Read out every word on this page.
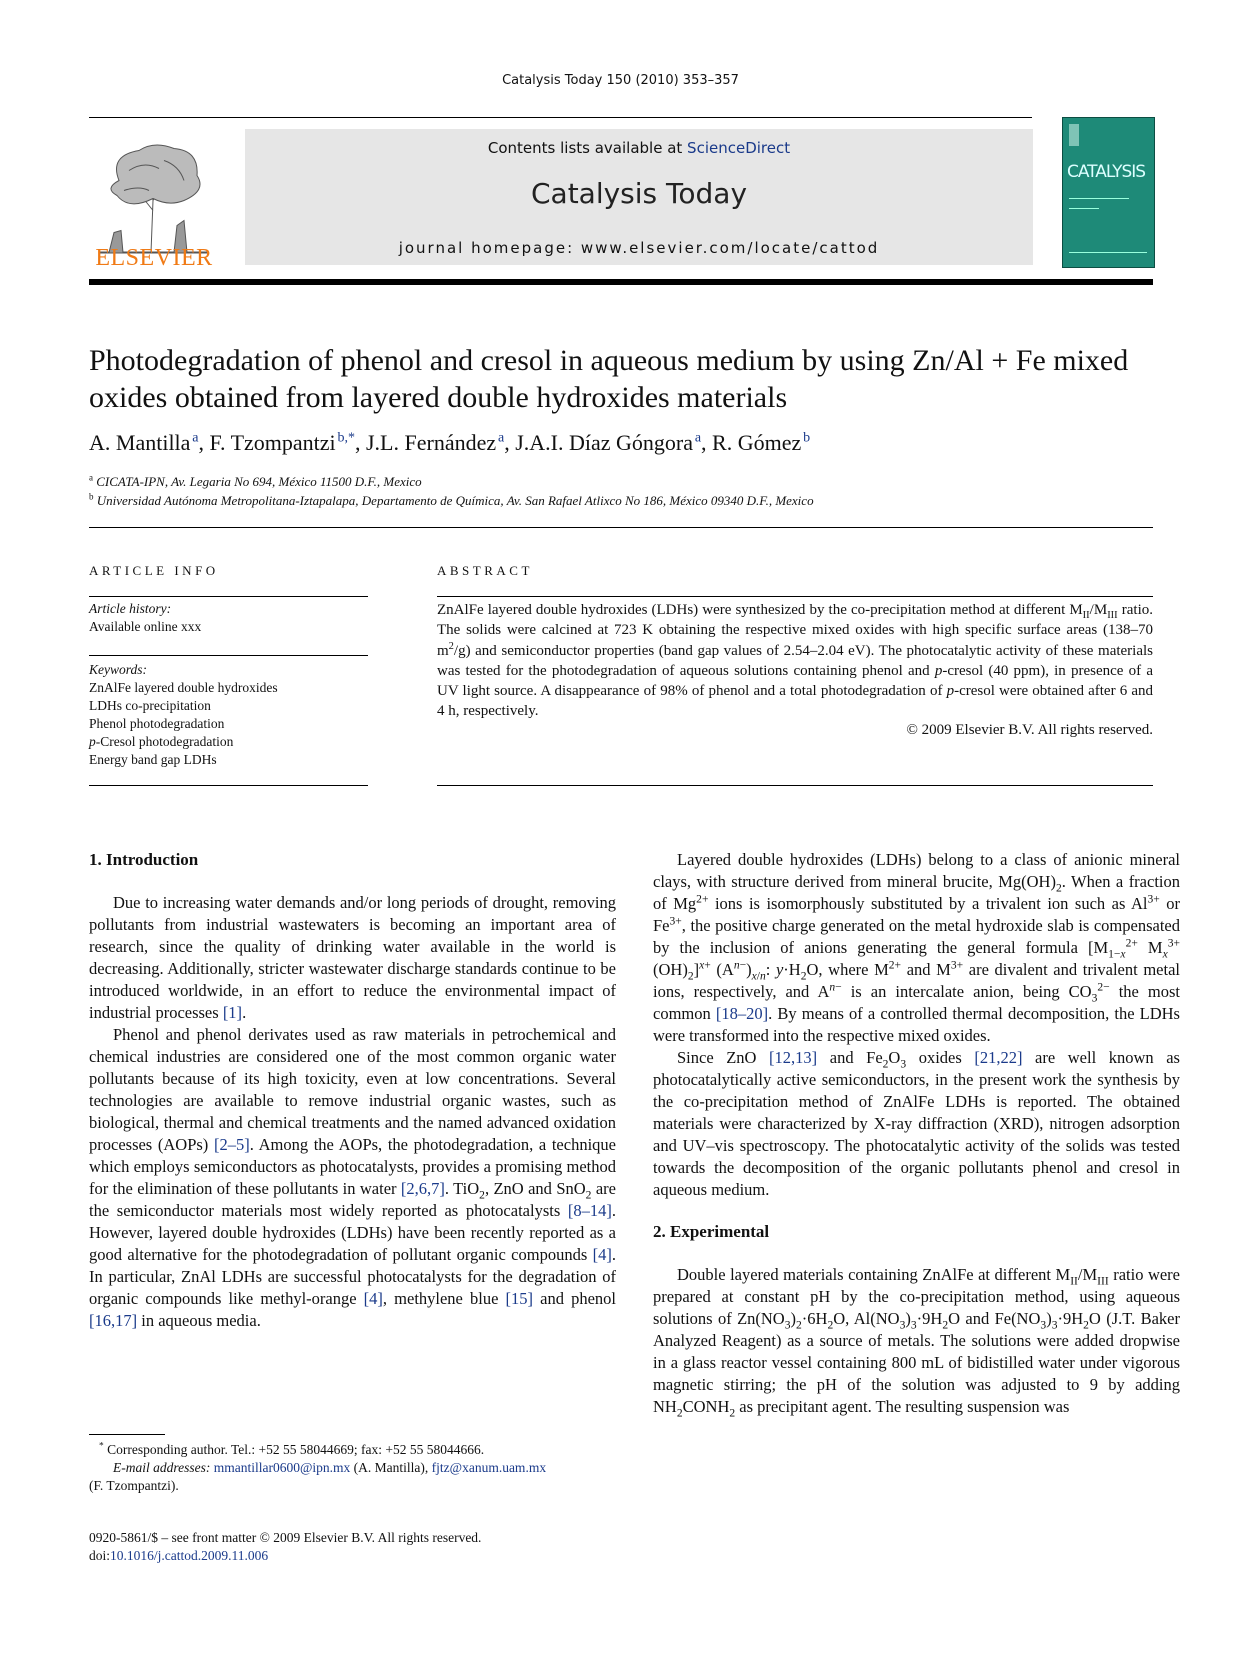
Catalysis Today 150 (2010) 353–357
ELSEVIER
Contents lists available at ScienceDirect
Catalysis Today
journal homepage: www.elsevier.com/locate/cattod
CATALYSIS
Photodegradation of phenol and cresol in aqueous medium by using Zn/Al + Fe mixed oxides obtained from layered double hydroxides materials
A. Mantilla  $^a$, F. Tzompantzi  $^{b,*}$, J.L. Fernández  $^a$, J.A.I. Díaz Góngora  $^a$, R. Gómez  $^b$
$^a$ CICATA-IPN, Av. Legaria No 694, México 11500 D.F., Mexico
$^b$ Universidad Autónoma Metropolitana-Iztapalapa, Departamento de Química, Av. San Rafael Atlixco No 186, México 09340 D.F., Mexico
ARTICLE INFO
Article history:
Available online xxx
Keywords:
ZnAlFe layered double hydroxides
LDHs co-precipitation
Phenol photodegradation
p-Cresol photodegradation
Energy band gap LDHs
ABSTRACT
ZnAlFe layered double hydroxides (LDHs) were synthesized by the co-precipitation method at different $M_{II}/M_{III}$ ratio. The solids were calcined at 723 K obtaining the respective mixed oxides with high specific surface areas (138–70 $m^2/g$) and semiconductor properties (band gap values of 2.54–2.04 eV). The photocatalytic activity of these materials was tested for the photodegradation of aqueous solutions containing phenol and p-cresol (40 ppm), in presence of a UV light source. A disappearance of 98% of phenol and a total photodegradation of p-cresol were obtained after 6 and 4 h, respectively.
© 2009 Elsevier B.V. All rights reserved.
1. Introduction

Due to increasing water demands and/or long periods of drought, removing pollutants from industrial wastewaters is becoming an important area of research, since the quality of drinking water available in the world is decreasing. Additionally, stricter wastewater discharge standards continue to be introduced worldwide, in an effort to reduce the environmental impact of industrial processes [1].

Phenol and phenol derivates used as raw materials in petrochemical and chemical industries are considered one of the most common organic water pollutants because of its high toxicity, even at low concentrations. Several technologies are available to remove industrial organic wastes, such as biological, thermal and chemical treatments and the named advanced oxidation processes (AOPs) [2–5]. Among the AOPs, the photodegradation, a technique which employs semiconductors as photocatalysts, provides a promising method for the elimination of these pollutants in water [2,6,7]. TiO$_2$, ZnO and SnO$_2$ are the semiconductor materials most widely reported as photocatalysts [8–14]. However, layered double hydroxides (LDHs) have been recently reported as a good alternative for the photodegradation of pollutant organic compounds [4]. In particular, ZnAl LDHs are successful photocatalysts for the degradation of organic compounds like methyl-orange [4], methylene blue [15] and phenol [16,17] in aqueous media.

Layered double hydroxides (LDHs) belong to a class of anionic mineral clays, with structure derived from mineral brucite, $Mg(OH)_2$. When a fraction of $Mg^{2+}$ ions is isomorphously substituted by a trivalent ion such as $Al^{3+}$ or $Fe^{3+}$, the positive charge generated on the metal hydroxide slab is compensated by the inclusion of anions generating the general formula [$M_{1-x}^{2+}$ $M_x^{3+}$ $(OH)_2]^{x+}$ $(A^{n-})_{x/n}$: $y\cdot H_2O$, where $M^{2+}$ and $M^{3+}$ are divalent and trivalent metal ions, respectively, and $A^{n-}$ is an intercalate anion, being $CO_3^{2-}$ the most common [18–20]. By means of a controlled thermal decomposition, the LDHs were transformed into the respective mixed oxides.

Since ZnO [12,13] and $Fe_2O_3$ oxides [21,22] are well known as photocatalytically active semiconductors, in the present work the synthesis by the co-precipitation method of ZnAlFe LDHs is reported. The obtained materials were characterized by X-ray diffraction (XRD), nitrogen adsorption and UV–vis spectroscopy. The photocatalytic activity of the solids was tested towards the decomposition of the organic pollutants phenol and cresol in aqueous medium.

2. Experimental

Double layered materials containing ZnAlFe at different $M_{II}/M_{III}$ ratio were prepared at constant pH by the co-precipitation method, using aqueous solutions of $Zn(NO_3)_2\cdot 6H_2O$, $Al(NO_3)_3\cdot 9H_2O$ and $Fe(NO_3)_3\cdot 9H_2O$ (J.T. Baker Analyzed Reagent) as a source of metals. The solutions were added dropwise in a glass reactor vessel containing 800 mL of bidistilled water under vigorous magnetic stirring; the pH of the solution was adjusted to 9 by adding $NH_2CONH_2$ as precipitant agent. The resulting suspension was

* Corresponding author. Tel.: +52 55 58044669; fax: +52 55 58044666.
E-mail addresses: mmantillar0600@ipn.mx (A. Mantilla), fjtz@xanum.uam.mx
(F. Tzompantzi).
0920-5861/$ – see front matter © 2009 Elsevier B.V. All rights reserved.
doi:10.1016/j.cattod.2009.11.006
